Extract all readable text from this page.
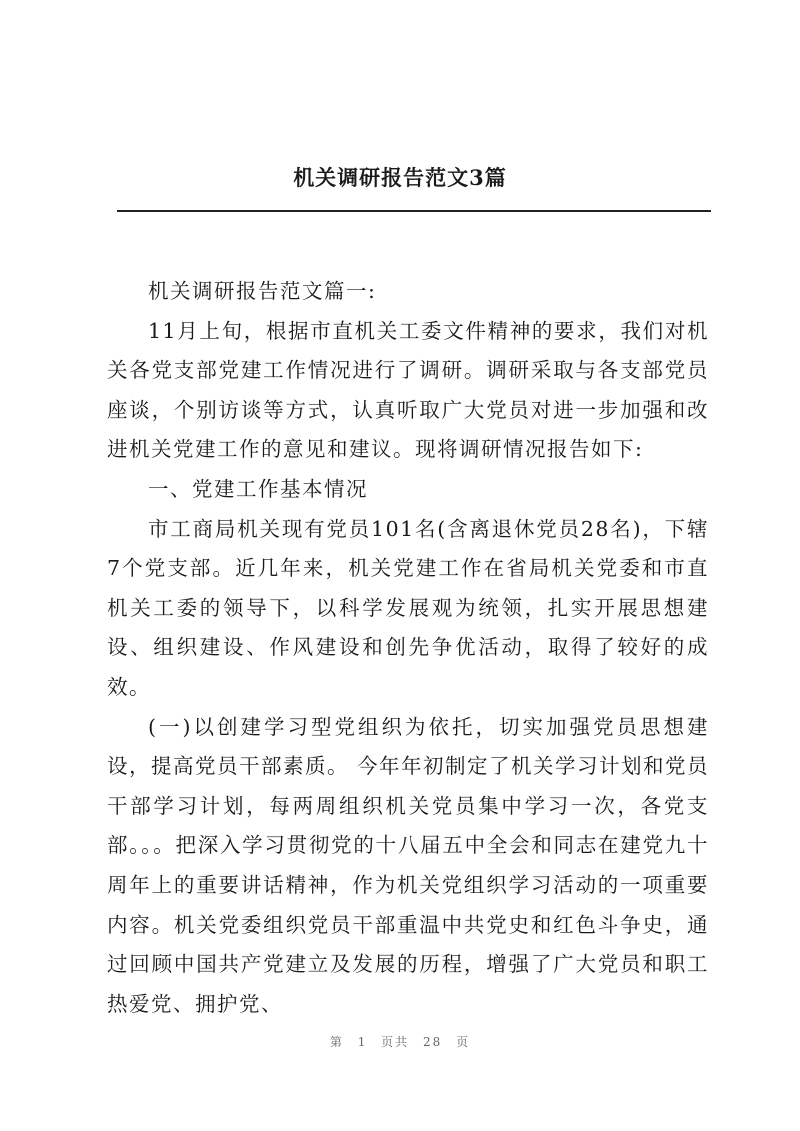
机关调研报告范文3篇

机关调研报告范文篇一:

11月上旬，根据市直机关工委文件精神的要求，我们对机关各党支部党建工作情况进行了调研。调研采取与各支部党员座谈，个别访谈等方式，认真听取广大党员对进一步加强和改进机关党建工作的意见和建议。现将调研情况报告如下:

一、党建工作基本情况

市工商局机关现有党员101名(含离退休党员28名)，下辖7个党支部。近几年来，机关党建工作在省局机关党委和市直机关工委的领导下，以科学发展观为统领，扎实开展思想建设、组织建设、作风建设和创先争优活动，取得了较好的成效。

(一)以创建学习型党组织为依托，切实加强党员思想建设，提高党员干部素质。 今年年初制定了机关学习计划和党员干部学习计划，每两周组织机关党员集中学习一次，各党支部。。。把深入学习贯彻党的十八届五中全会和同志在建党九十周年上的重要讲话精神，作为机关党组织学习活动的一项重要内容。机关党委组织党员干部重温中共党史和红色斗争史，通过回顾中国共产党建立及发展的历程，增强了广大党员和职工热爱党、拥护党、

第 1 页共 28 页
